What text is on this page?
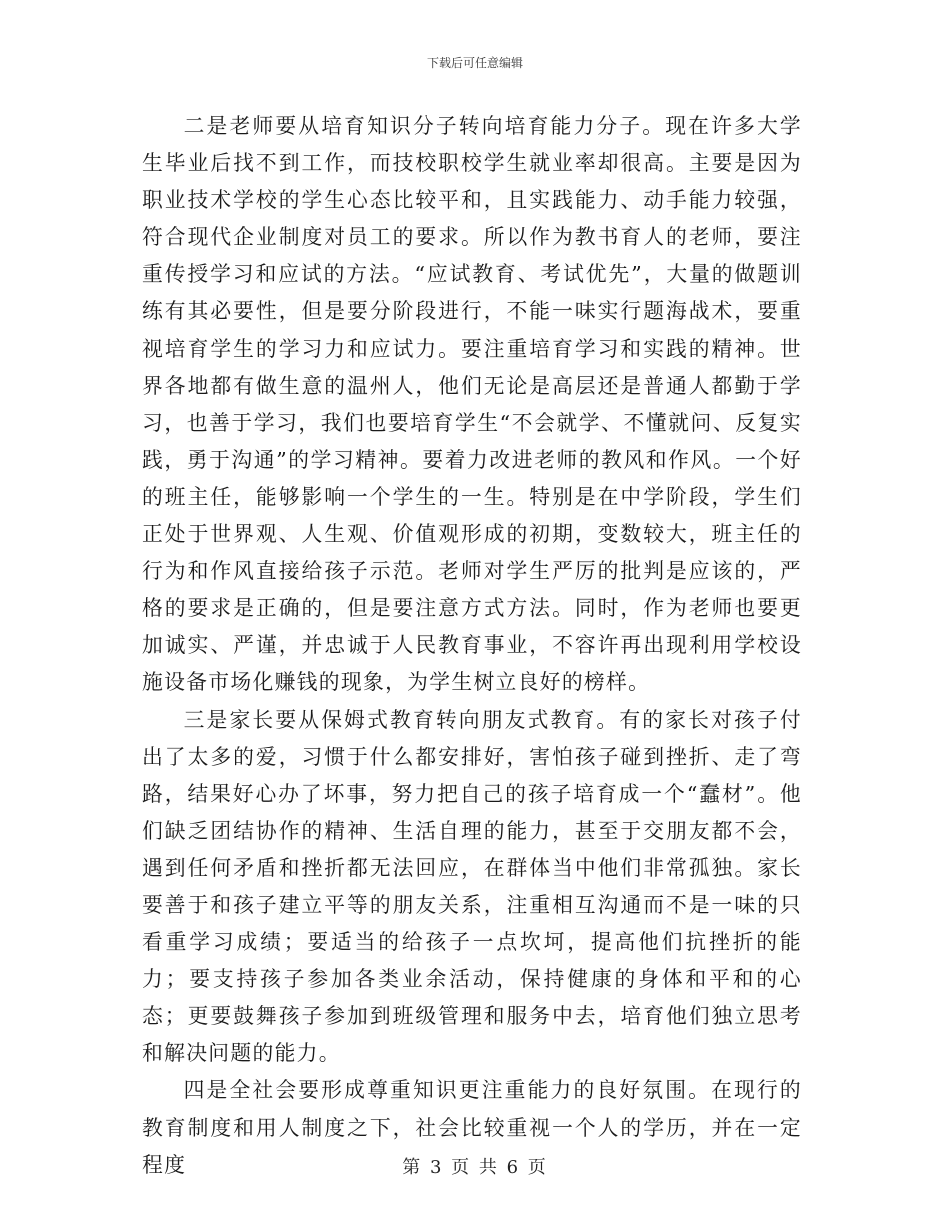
下载后可任意编辑

二是老师要从培育知识分子转向培育能力分子。现在许多大学生毕业后找不到工作，而技校职校学生就业率却很高。主要是因为职业技术学校的学生心态比较平和，且实践能力、动手能力较强，符合现代企业制度对员工的要求。所以作为教书育人的老师，要注重传授学习和应试的方法。“应试教育、考试优先”，大量的做题训练有其必要性，但是要分阶段进行，不能一味实行题海战术，要重视培育学生的学习力和应试力。要注重培育学习和实践的精神。世界各地都有做生意的温州人，他们无论是高层还是普通人都勤于学习，也善于学习，我们也要培育学生“不会就学、不懂就问、反复实践，勇于沟通”的学习精神。要着力改进老师的教风和作风。一个好的班主任，能够影响一个学生的一生。特别是在中学阶段，学生们正处于世界观、人生观、价值观形成的初期，变数较大，班主任的行为和作风直接给孩子示范。老师对学生严厉的批判是应该的，严格的要求是正确的，但是要注意方式方法。同时，作为老师也要更加诚实、严谨，并忠诚于人民教育事业，不容许再出现利用学校设施设备市场化赚钱的现象，为学生树立良好的榜样。

三是家长要从保姆式教育转向朋友式教育。有的家长对孩子付出了太多的爱，习惯于什么都安排好，害怕孩子碰到挫折、走了弯路，结果好心办了坏事，努力把自己的孩子培育成一个“蠢材”。他们缺乏团结协作的精神、生活自理的能力，甚至于交朋友都不会，遇到任何矛盾和挫折都无法回应，在群体当中他们非常孤独。家长要善于和孩子建立平等的朋友关系，注重相互沟通而不是一味的只看重学习成绩；要适当的给孩子一点坎坷，提高他们抗挫折的能力；要支持孩子参加各类业余活动，保持健康的身体和平和的心态；更要鼓舞孩子参加到班级管理和服务中去，培育他们独立思考和解决问题的能力。

四是全社会要形成尊重知识更注重能力的良好氛围。在现行的教育制度和用人制度之下，社会比较重视一个人的学历，并在一定程度	第 3 页 共 6 页
